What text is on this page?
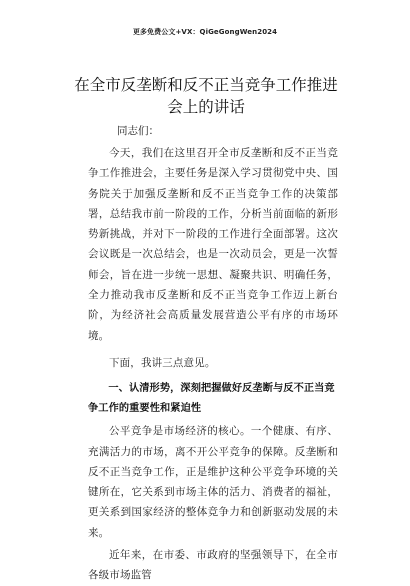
更多免费公文+VX：QiGeGongWen2024
在全市反垄断和反不正当竞争工作推进会上的讲话
同志们：

今天，我们在这里召开全市反垄断和反不正当竞争工作推进会，主要任务是深入学习贯彻党中央、国务院关于加强反垄断和反不正当竞争工作的决策部署，总结我市前一阶段的工作，分析当前面临的新形势新挑战，并对下一阶段的工作进行全面部署。这次会议既是一次总结会，也是一次动员会，更是一次誓师会，旨在进一步统一思想、凝聚共识、明确任务，全力推动我市反垄断和反不正当竞争工作迈上新台阶，为经济社会高质量发展营造公平有序的市场环境。

下面，我讲三点意见。

一、认清形势，深刻把握做好反垄断与反不正当竞争工作的重要性和紧迫性

公平竞争是市场经济的核心。一个健康、有序、充满活力的市场，离不开公平竞争的保障。反垄断和反不正当竞争工作，正是维护这种公平竞争环境的关键所在，它关系到市场主体的活力、消费者的福祉，更关系到国家经济的整体竞争力和创新驱动发展的未来。

近年来，在市委、市政府的坚强领导下，在全市各级市场监管
